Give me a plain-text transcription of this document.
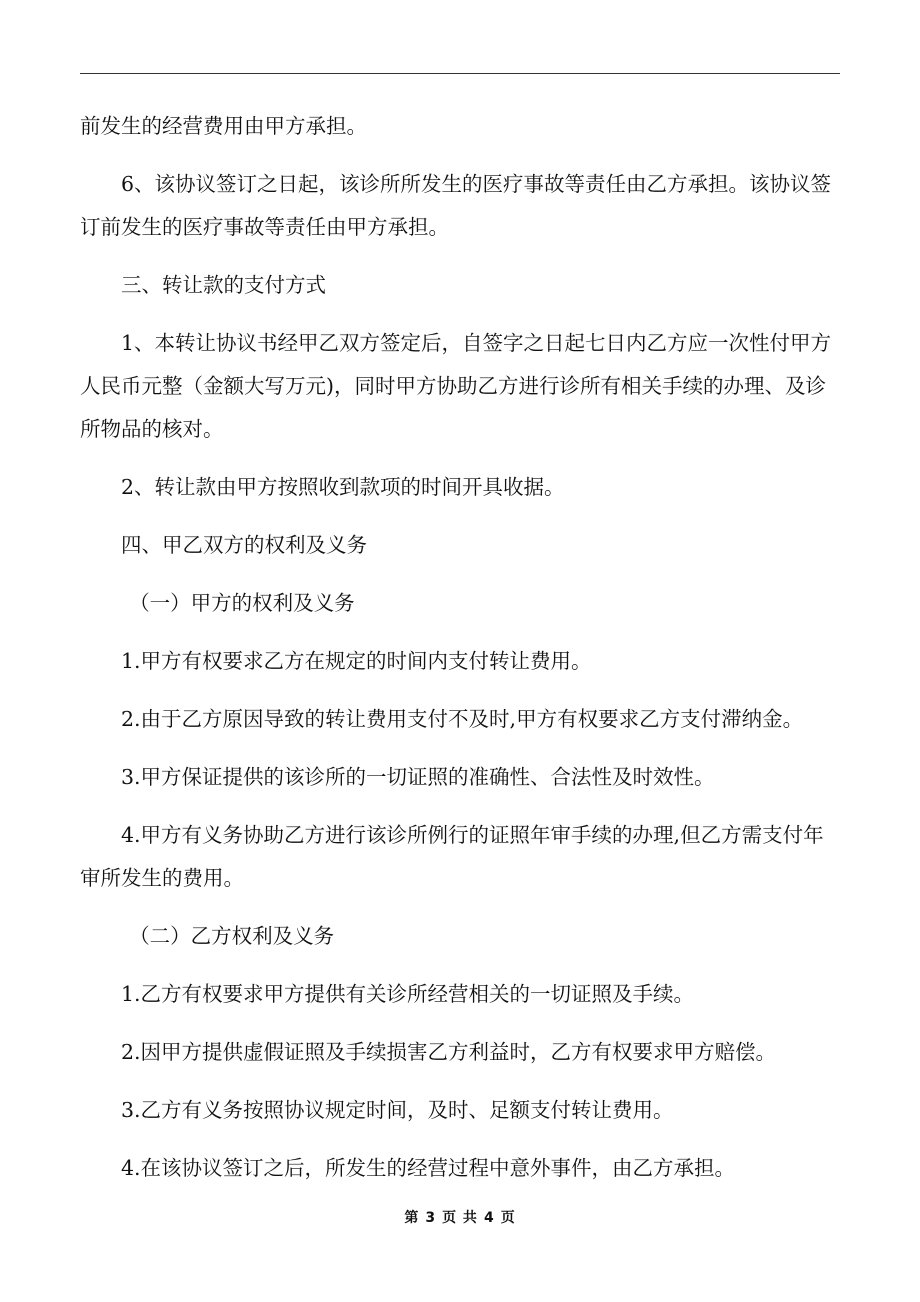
前发生的经营费用由甲方承担。

6、该协议签订之日起，该诊所所发生的医疗事故等责任由乙方承担。该协议签订前发生的医疗事故等责任由甲方承担。

三、转让款的支付方式

1、本转让协议书经甲乙双方签定后，自签字之日起七日内乙方应一次性付甲方人民币元整（金额大写万元)，同时甲方协助乙方进行诊所有相关手续的办理、及诊所物品的核对。

2、转让款由甲方按照收到款项的时间开具收据。

四、甲乙双方的权利及义务

（一）甲方的权利及义务

1.甲方有权要求乙方在规定的时间内支付转让费用。

2.由于乙方原因导致的转让费用支付不及时,甲方有权要求乙方支付滞纳金。

3.甲方保证提供的该诊所的一切证照的准确性、合法性及时效性。

4.甲方有义务协助乙方进行该诊所例行的证照年审手续的办理,但乙方需支付年审所发生的费用。

（二）乙方权利及义务

1.乙方有权要求甲方提供有关诊所经营相关的一切证照及手续。

2.因甲方提供虚假证照及手续损害乙方利益时，乙方有权要求甲方赔偿。

3.乙方有义务按照协议规定时间，及时、足额支付转让费用。

4.在该协议签订之后，所发生的经营过程中意外事件，由乙方承担。

第 3 页 共 4 页
